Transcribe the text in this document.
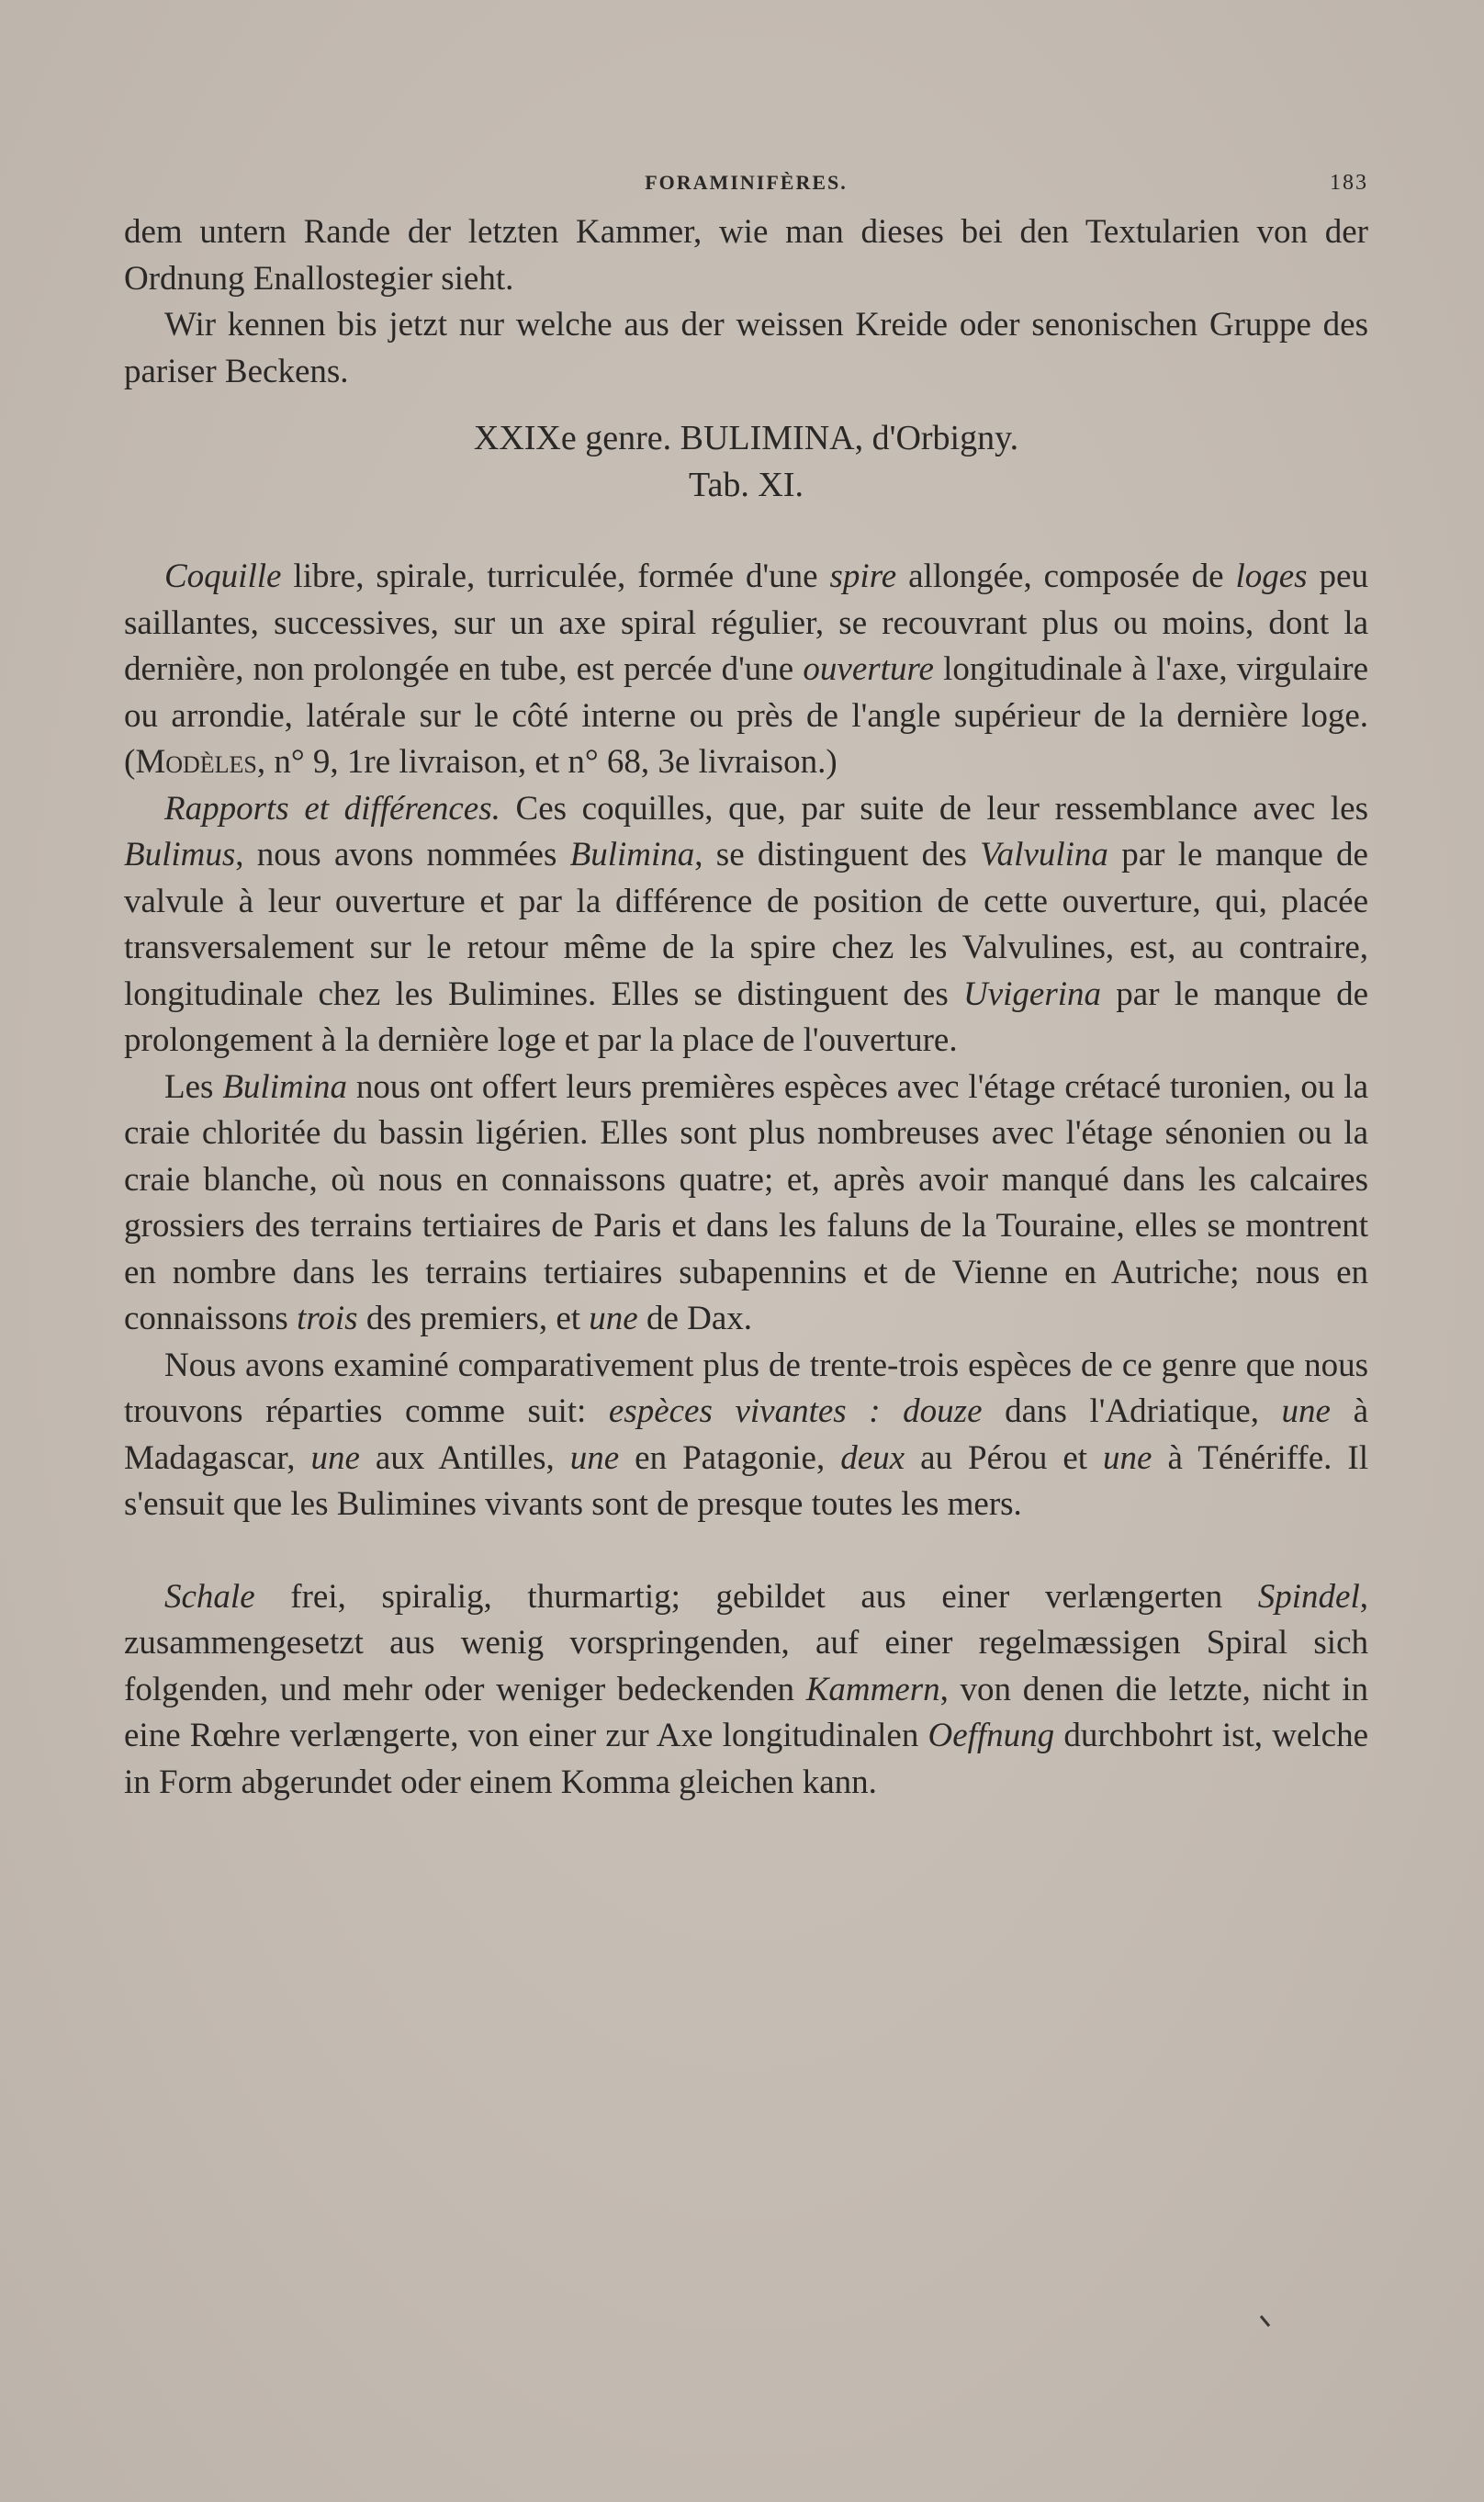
FORAMINIFÈRES.	183

dem untern Rande der letzten Kammer, wie man dieses bei den Textularien von der Ordnung Enallostegier sieht.

Wir kennen bis jetzt nur welche aus der weissen Kreide oder senonischen Gruppe des pariser Beckens.

XXIXe genre. BULIMINA, d'Orbigny.

Tab. XI.

Coquille libre, spirale, turriculée, formée d'une spire allongée, composée de loges peu saillantes, successives, sur un axe spiral régulier, se recouvrant plus ou moins, dont la dernière, non prolongée en tube, est percée d'une ouverture longitudinale à l'axe, virgulaire ou arrondie, latérale sur le côté interne ou près de l'angle supérieur de la dernière loge. (Modèles, n° 9, 1re livraison, et n° 68, 3e livraison.)

Rapports et différences. Ces coquilles, que, par suite de leur ressemblance avec les Bulimus, nous avons nommées Bulimina, se distinguent des Valvulina par le manque de valvule à leur ouverture et par la différence de position de cette ouverture, qui, placée transversalement sur le retour même de la spire chez les Valvulines, est, au contraire, longitudinale chez les Bulimines. Elles se distinguent des Uvigerina par le manque de prolongement à la dernière loge et par la place de l'ouverture.

Les Bulimina nous ont offert leurs premières espèces avec l'étage crétacé turonien, ou la craie chloritée du bassin ligérien. Elles sont plus nombreuses avec l'étage sénonien ou la craie blanche, où nous en connaissons quatre; et, après avoir manqué dans les calcaires grossiers des terrains tertiaires de Paris et dans les faluns de la Touraine, elles se montrent en nombre dans les terrains tertiaires subapennins et de Vienne en Autriche; nous en connaissons trois des premiers, et une de Dax.

Nous avons examiné comparativement plus de trente-trois espèces de ce genre que nous trouvons réparties comme suit: espèces vivantes : douze dans l'Adriatique, une à Madagascar, une aux Antilles, une en Patagonie, deux au Pérou et une à Ténériffe. Il s'ensuit que les Bulimines vivants sont de presque toutes les mers.

Schale frei, spiralig, thurmartig; gebildet aus einer verlængerten Spindel, zusammengesetzt aus wenig vorspringenden, auf einer regelmæssigen Spiral sich folgenden, und mehr oder weniger bedeckenden Kammern, von denen die letzte, nicht in eine Rœhre verlængerte, von einer zur Axe longitudinalen Oeffnung durchbohrt ist, welche in Form abgerundet oder einem Komma gleichen kann.
